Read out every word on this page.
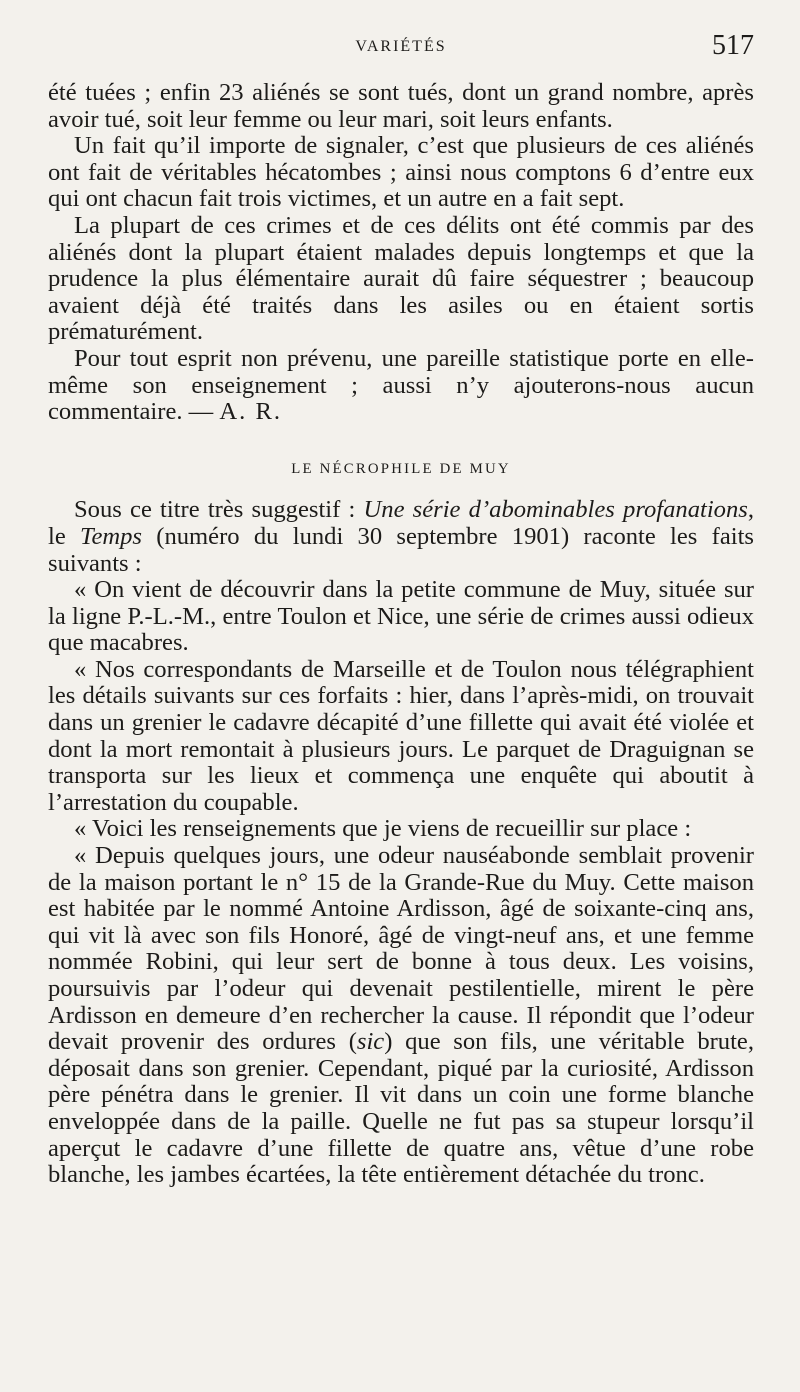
VARIÉTÉS	517

été tuées ; enfin 23 aliénés se sont tués, dont un grand nombre, après avoir tué, soit leur femme ou leur mari, soit leurs enfants.

Un fait qu’il importe de signaler, c’est que plusieurs de ces aliénés ont fait de véritables hécatombes ; ainsi nous comptons 6 d’entre eux qui ont chacun fait trois victimes, et un autre en a fait sept.

La plupart de ces crimes et de ces délits ont été commis par des aliénés dont la plupart étaient malades depuis longtemps et que la prudence la plus élémentaire aurait dû faire séquestrer ; beaucoup avaient déjà été traités dans les asiles ou en étaient sortis prématurément.

Pour tout esprit non prévenu, une pareille statistique porte en elle-même son enseignement ; aussi n’y ajouterons-nous aucun commentaire. — A. R.

LE NÉCROPHILE DE MUY

Sous ce titre très suggestif : Une série d’abominables profanations, le Temps (numéro du lundi 30 septembre 1901) raconte les faits suivants :

« On vient de découvrir dans la petite commune de Muy, située sur la ligne P.-L.-M., entre Toulon et Nice, une série de crimes aussi odieux que macabres.

« Nos correspondants de Marseille et de Toulon nous télégraphient les détails suivants sur ces forfaits : hier, dans l’après-midi, on trouvait dans un grenier le cadavre décapité d’une fillette qui avait été violée et dont la mort remontait à plusieurs jours. Le parquet de Draguignan se transporta sur les lieux et commença une enquête qui aboutit à l’arrestation du coupable.

« Voici les renseignements que je viens de recueillir sur place :

« Depuis quelques jours, une odeur nauséabonde semblait provenir de la maison portant le n° 15 de la Grande-Rue du Muy. Cette maison est habitée par le nommé Antoine Ardisson, âgé de soixante-cinq ans, qui vit là avec son fils Honoré, âgé de vingt-neuf ans, et une femme nommée Robini, qui leur sert de bonne à tous deux. Les voisins, poursuivis par l’odeur qui devenait pestilentielle, mirent le père Ardisson en demeure d’en rechercher la cause. Il répondit que l’odeur devait provenir des ordures (sic) que son fils, une véritable brute, déposait dans son grenier. Cependant, piqué par la curiosité, Ardisson père pénétra dans le grenier. Il vit dans un coin une forme blanche enveloppée dans de la paille. Quelle ne fut pas sa stupeur lorsqu’il aperçut le cadavre d’une fillette de quatre ans, vêtue d’une robe blanche, les jambes écartées, la tête entièrement détachée du tronc.
